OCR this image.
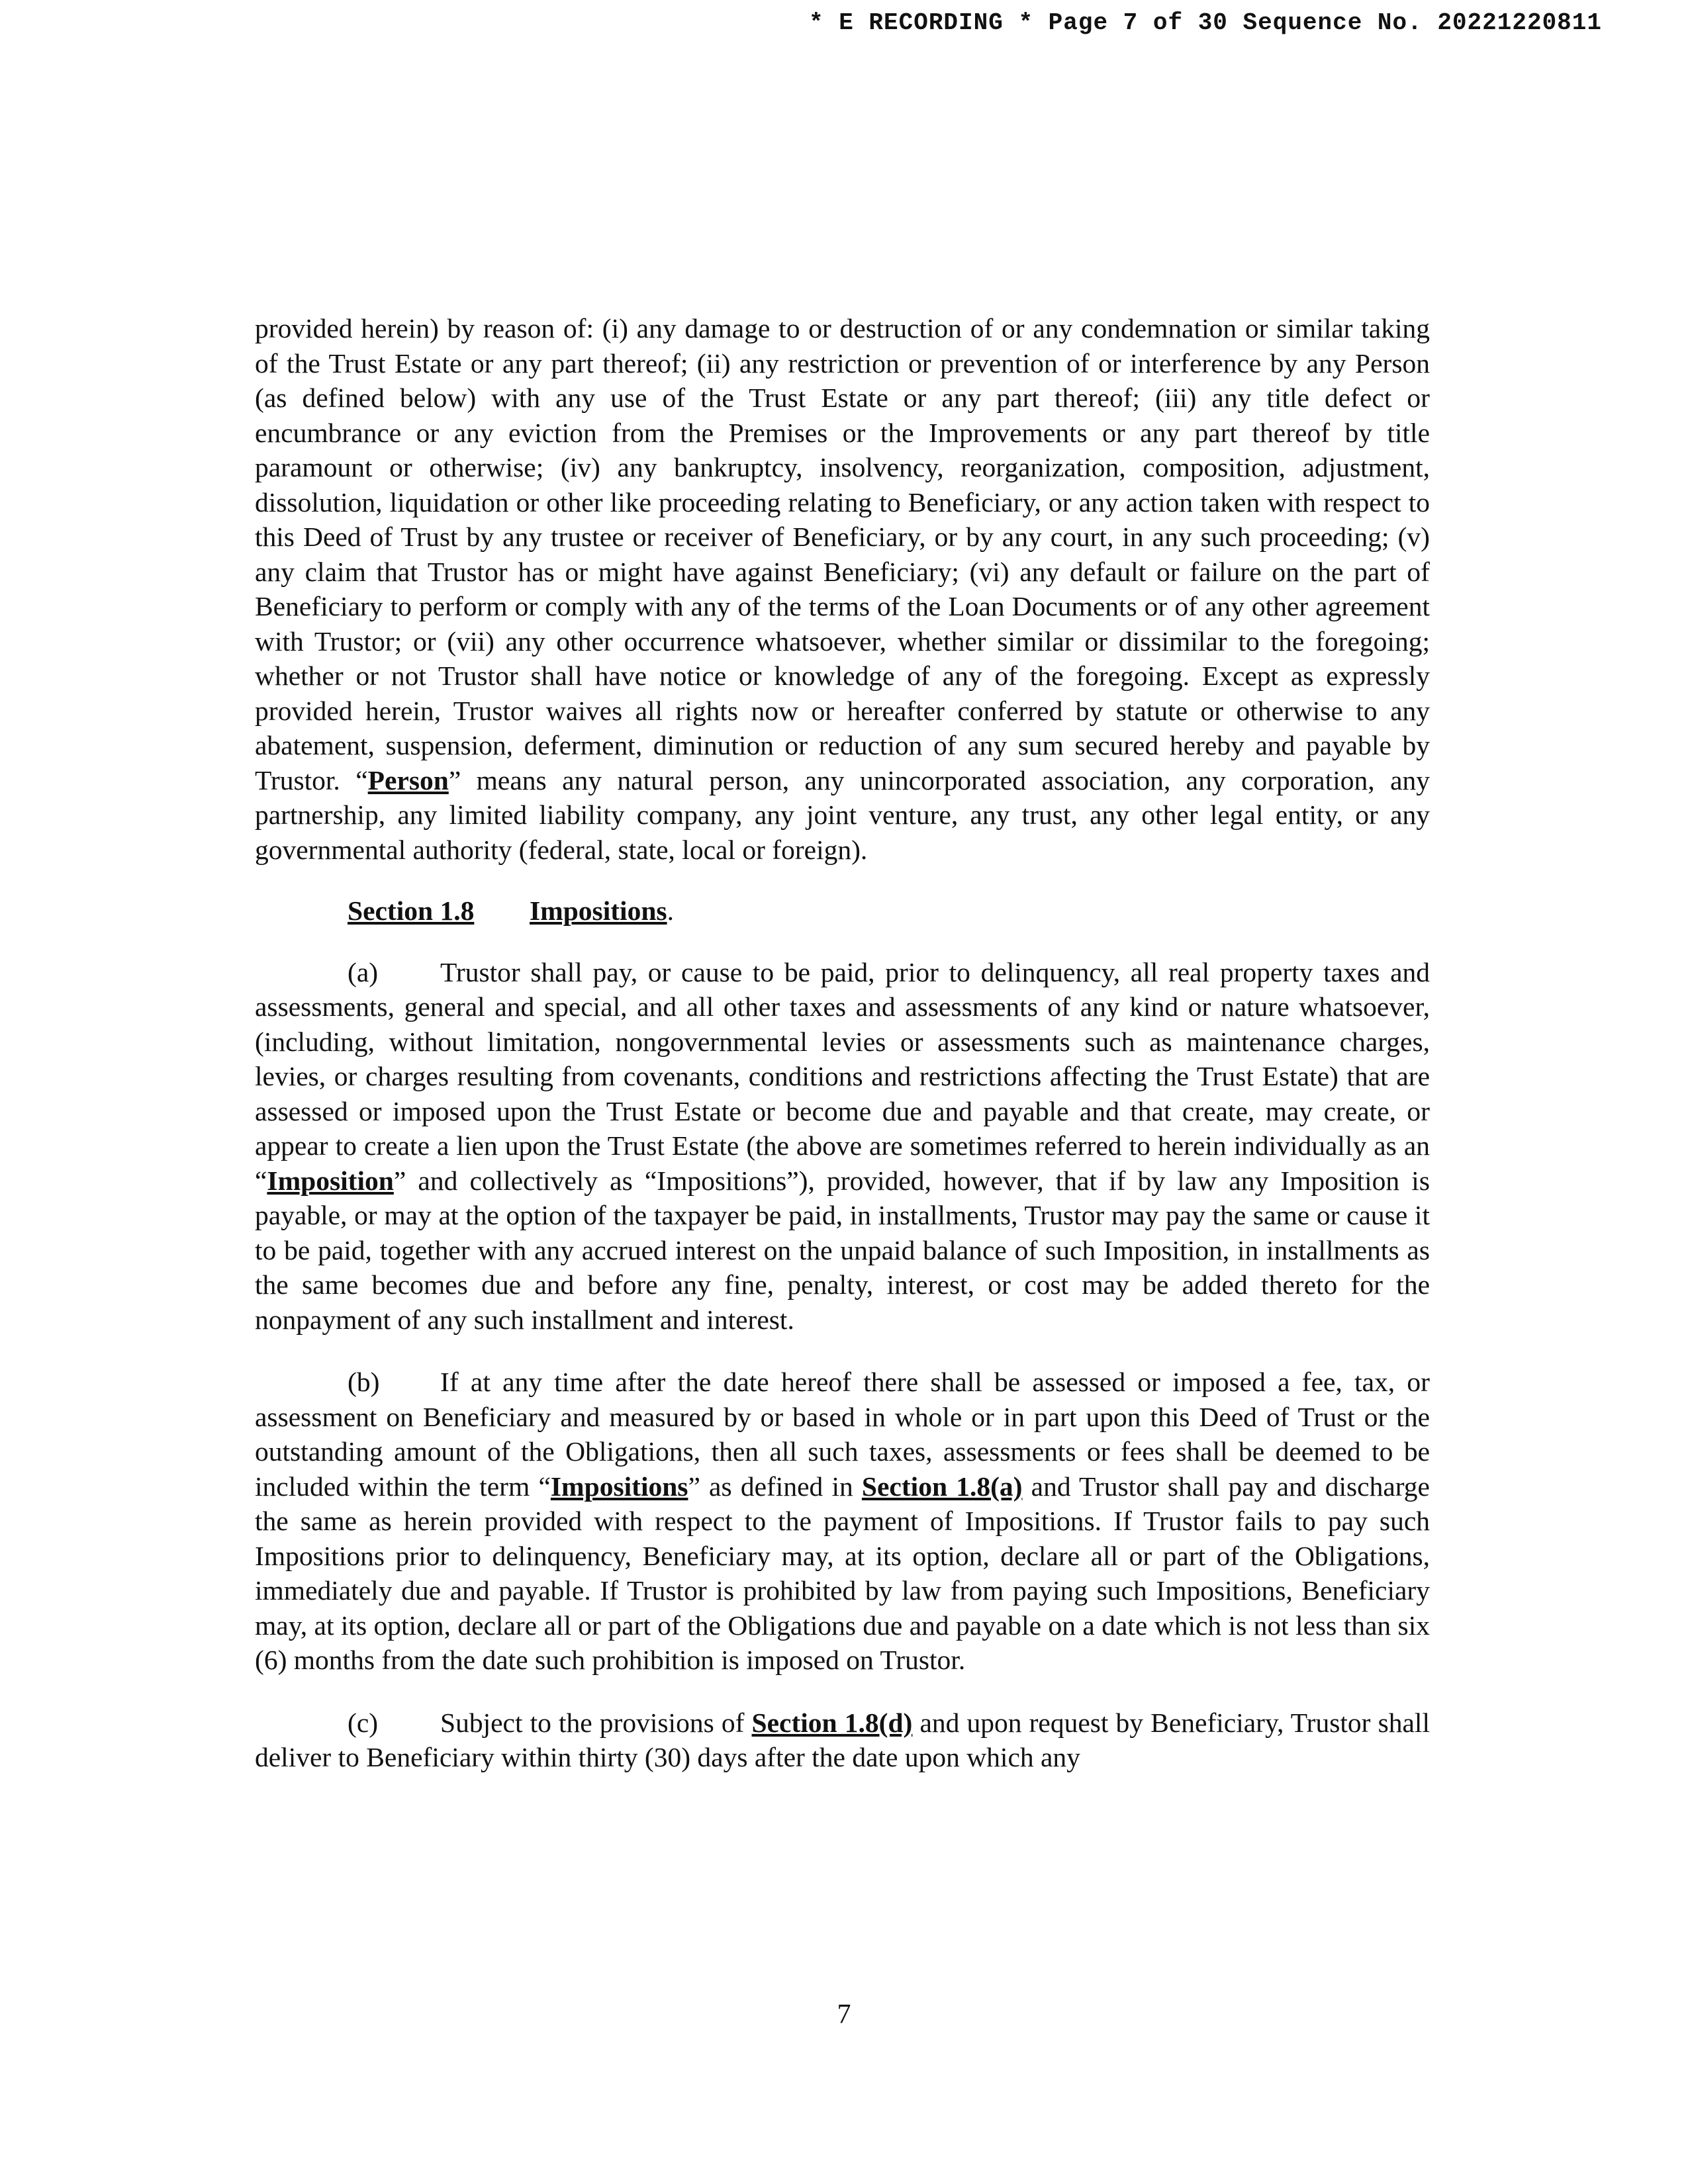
* E RECORDING * Page 7 of 30 Sequence No. 20221220811

provided herein) by reason of: (i) any damage to or destruction of or any condemnation or similar taking of the Trust Estate or any part thereof; (ii) any restriction or prevention of or interference by any Person (as defined below) with any use of the Trust Estate or any part thereof; (iii) any title defect or encumbrance or any eviction from the Premises or the Improvements or any part thereof by title paramount or otherwise; (iv) any bankruptcy, insolvency, reorganization, composition, adjustment, dissolution, liquidation or other like proceeding relating to Beneficiary, or any action taken with respect to this Deed of Trust by any trustee or receiver of Beneficiary, or by any court, in any such proceeding; (v) any claim that Trustor has or might have against Beneficiary; (vi) any default or failure on the part of Beneficiary to perform or comply with any of the terms of the Loan Documents or of any other agreement with Trustor; or (vii) any other occurrence whatsoever, whether similar or dissimilar to the foregoing; whether or not Trustor shall have notice or knowledge of any of the foregoing. Except as expressly provided herein, Trustor waives all rights now or hereafter conferred by statute or otherwise to any abatement, suspension, deferment, diminution or reduction of any sum secured hereby and payable by Trustor. “Person” means any natural person, any unincorporated association, any corporation, any partnership, any limited liability company, any joint venture, any trust, any other legal entity, or any governmental authority (federal, state, local or foreign).

Section 1.8 Impositions.

(a) Trustor shall pay, or cause to be paid, prior to delinquency, all real property taxes and assessments, general and special, and all other taxes and assessments of any kind or nature whatsoever, (including, without limitation, nongovernmental levies or assessments such as maintenance charges, levies, or charges resulting from covenants, conditions and restrictions affecting the Trust Estate) that are assessed or imposed upon the Trust Estate or become due and payable and that create, may create, or appear to create a lien upon the Trust Estate (the above are sometimes referred to herein individually as an “Imposition” and collectively as “Impositions”), provided, however, that if by law any Imposition is payable, or may at the option of the taxpayer be paid, in installments, Trustor may pay the same or cause it to be paid, together with any accrued interest on the unpaid balance of such Imposition, in installments as the same becomes due and before any fine, penalty, interest, or cost may be added thereto for the nonpayment of any such installment and interest.

(b) If at any time after the date hereof there shall be assessed or imposed a fee, tax, or assessment on Beneficiary and measured by or based in whole or in part upon this Deed of Trust or the outstanding amount of the Obligations, then all such taxes, assessments or fees shall be deemed to be included within the term “Impositions” as defined in Section 1.8(a) and Trustor shall pay and discharge the same as herein provided with respect to the payment of Impositions. If Trustor fails to pay such Impositions prior to delinquency, Beneficiary may, at its option, declare all or part of the Obligations, immediately due and payable. If Trustor is prohibited by law from paying such Impositions, Beneficiary may, at its option, declare all or part of the Obligations due and payable on a date which is not less than six (6) months from the date such prohibition is imposed on Trustor.

(c) Subject to the provisions of Section 1.8(d) and upon request by Beneficiary, Trustor shall deliver to Beneficiary within thirty (30) days after the date upon which any

7
